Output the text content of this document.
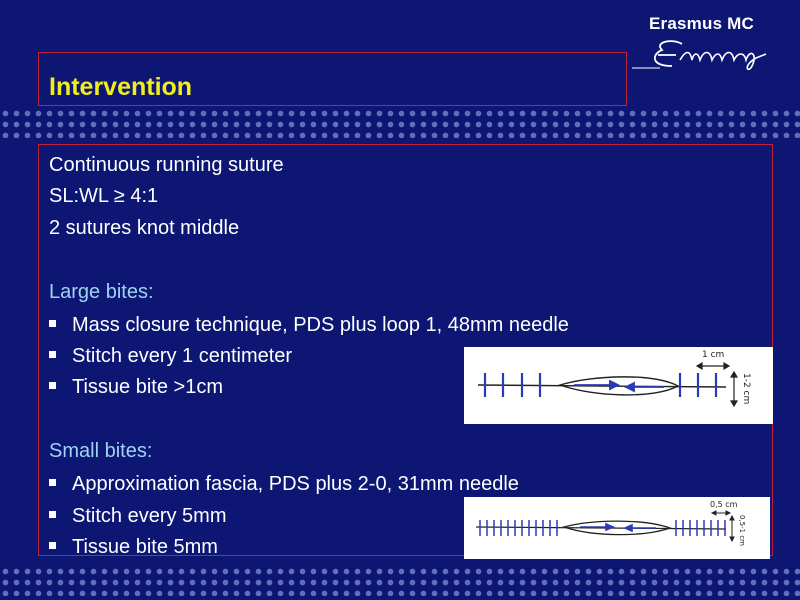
Erasmus MC
Intervention
Continuous running suture
SL:WL ≥ 4:1
2 sutures knot middle
Large bites:
Mass closure technique, PDS plus loop 1, 48mm needle
Stitch every 1 centimeter
Tissue bite >1cm
Small bites:
Approximation fascia, PDS plus 2-0, 31mm needle
Stitch every 5mm
Tissue bite 5mm
1 cm
1-2 cm
0,5 cm
0,5-1 cm
